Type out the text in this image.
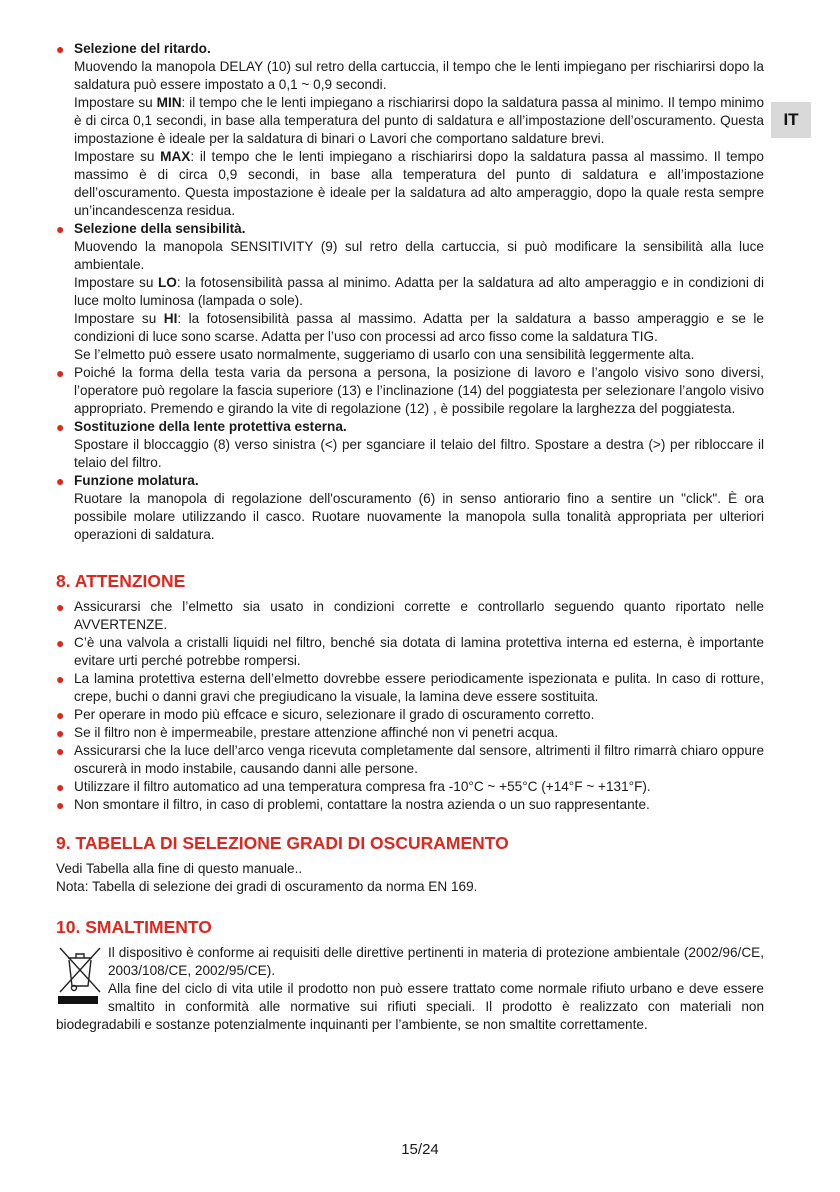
IT
● Selezione del ritardo.

Muovendo la manopola DELAY (10) sul retro della cartuccia, il tempo che le lenti impiegano per rischiarirsi dopo la saldatura può essere impostato a 0,1 ~ 0,9 secondi.

Impostare su MIN: il tempo che le lenti impiegano a rischiarirsi dopo la saldatura passa al minimo. Il tempo minimo è di circa 0,1 secondi, in base alla temperatura del punto di saldatura e all’impostazione dell’oscuramento. Questa impostazione è ideale per la saldatura di binari o Lavori che comportano saldature brevi.

Impostare su MAX: il tempo che le lenti impiegano a rischiarirsi dopo la saldatura passa al massimo. Il tempo massimo è di circa 0,9 secondi, in base alla temperatura del punto di saldatura e all’impostazione dell’oscuramento. Questa impostazione è ideale per la saldatura ad alto amperaggio, dopo la quale resta sempre un’incandescenza residua.

● Selezione della sensibilità.

Muovendo la manopola SENSITIVITY (9) sul retro della cartuccia, si può modificare la sensibilità alla luce ambientale.

Impostare su LO: la fotosensibilità passa al minimo. Adatta per la saldatura ad alto amperaggio e in condizioni di luce molto luminosa (lampada o sole).

Impostare su HI: la fotosensibilità passa al massimo. Adatta per la saldatura a basso amperaggio e se le condizioni di luce sono scarse. Adatta per l’uso con processi ad arco fisso come la saldatura TIG.

Se l’elmetto può essere usato normalmente, suggeriamo di usarlo con una sensibilità leggermente alta.

● Poiché la forma della testa varia da persona a persona, la posizione di lavoro e l’angolo visivo sono diversi, l’operatore può regolare la fascia superiore (13) e l’inclinazione (14) del poggiatesta per selezionare l’angolo visivo appropriato. Premendo e girando la vite di regolazione (12) , è possibile regolare la larghezza del poggiatesta.

● Sostituzione della lente protettiva esterna.

Spostare il bloccaggio (8) verso sinistra (<) per sganciare il telaio del filtro. Spostare a destra (>) per ribloccare il telaio del filtro.

● Funzione molatura.

Ruotare la manopola di regolazione dell'oscuramento (6) in senso antiorario fino a sentire un "click". È ora possibile molare utilizzando il casco. Ruotare nuovamente la manopola sulla tonalità appropriata per ulteriori operazioni di saldatura.

8. ATTENZIONE
● Assicurarsi che l’elmetto sia usato in condizioni corrette e controllarlo seguendo quanto riportato nelle AVVERTENZE.
● C’è una valvola a cristalli liquidi nel filtro, benché sia dotata di lamina protettiva interna ed esterna, è importante evitare urti perché potrebbe rompersi.
● La lamina protettiva esterna dell’elmetto dovrebbe essere periodicamente ispezionata e pulita. In caso di rotture, crepe, buchi o danni gravi che pregiudicano la visuale, la lamina deve essere sostituita.
● Per operare in modo più effcace e sicuro, selezionare il grado di oscuramento corretto.
● Se il filtro non è impermeabile, prestare attenzione affinché non vi penetri acqua.
● Assicurarsi che la luce dell’arco venga ricevuta completamente dal sensore, altrimenti il filtro rimarrà chiaro oppure oscurerà in modo instabile, causando danni alle persone.
● Utilizzare il filtro automatico ad una temperatura compresa fra -10°C ~ +55°C (+14°F ~ +131°F).
● Non smontare il filtro, in caso di problemi, contattare la nostra azienda o un suo rappresentante.
9. TABELLA DI SELEZIONE GRADI DI OSCURAMENTO
Vedi Tabella alla fine di questo manuale..
Nota: Tabella di selezione dei gradi di oscuramento da norma EN 169.
10. SMALTIMENTO
Il dispositivo è conforme ai requisiti delle direttive pertinenti in materia di protezione ambientale (2002/96/CE, 2003/108/CE, 2002/95/CE).
Alla fine del ciclo di vita utile il prodotto non può essere trattato come normale rifiuto urbano e deve essere smaltito in conformità alle normative sui rifiuti speciali. Il prodotto è realizzato con materiali non biodegradabili e sostanze potenzialmente inquinanti per l’ambiente, se non smaltite correttamente.
15/24
